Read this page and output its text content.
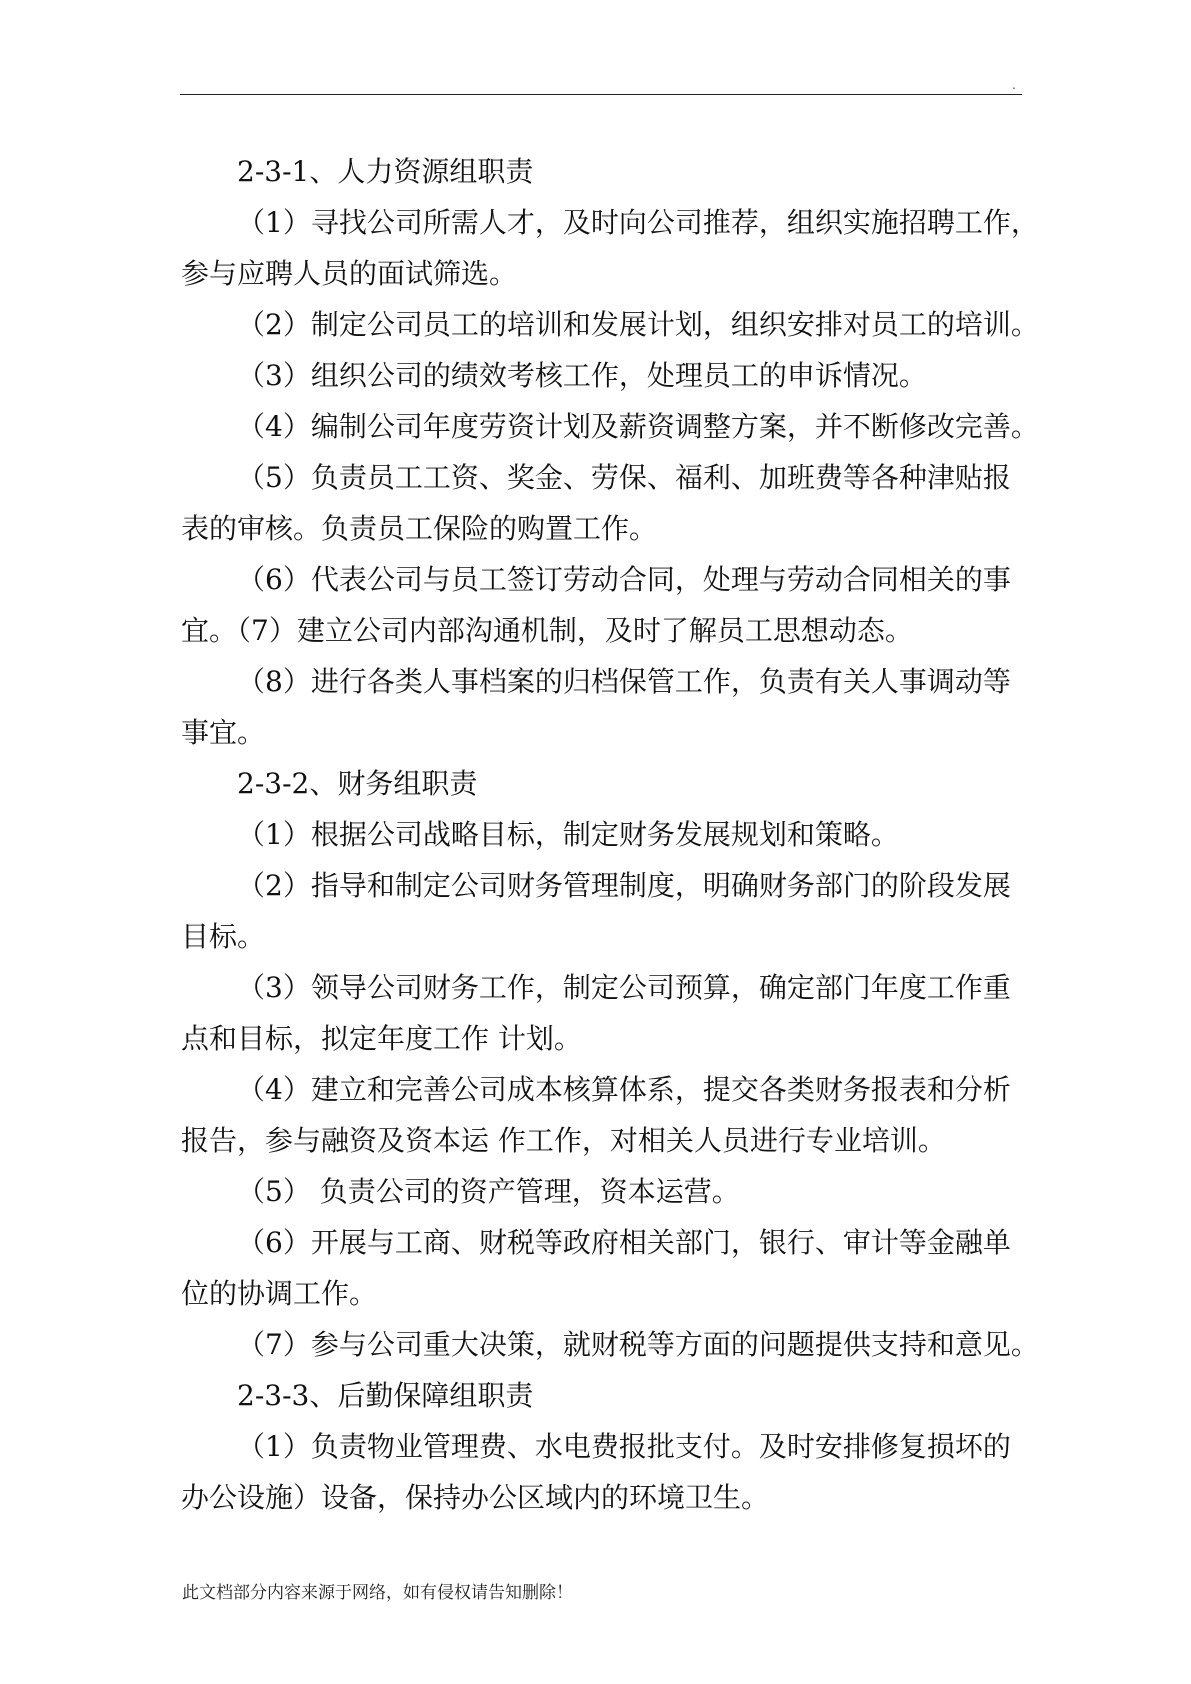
.

2-3-1、人力资源组职责

（1）寻找公司所需人才，及时向公司推荐，组织实施招聘工作，

参与应聘人员的面试筛选。

（2）制定公司员工的培训和发展计划，组织安排对员工的培训。

（3）组织公司的绩效考核工作，处理员工的申诉情况。

（4）编制公司年度劳资计划及薪资调整方案，并不断修改完善。

（5）负责员工工资、奖金、劳保、福利、加班费等各种津贴报

表的审核。负责员工保险的购置工作。

（6）代表公司与员工签订劳动合同，处理与劳动合同相关的事

宜。（7）建立公司内部沟通机制，及时了解员工思想动态。

（8）进行各类人事档案的归档保管工作，负责有关人事调动等

事宜。

2-3-2、财务组职责

（1）根据公司战略目标，制定财务发展规划和策略。

（2）指导和制定公司财务管理制度，明确财务部门的阶段发展

目标。

（3）领导公司财务工作，制定公司预算，确定部门年度工作重

点和目标，拟定年度工作 计划。

（4）建立和完善公司成本核算体系，提交各类财务报表和分析

报告，参与融资及资本运 作工作，对相关人员进行专业培训。

（5） 负责公司的资产管理，资本运营。

（6）开展与工商、财税等政府相关部门，银行、审计等金融单

位的协调工作。

（7）参与公司重大决策，就财税等方面的问题提供支持和意见。

2-3-3、后勤保障组职责

（1）负责物业管理费、水电费报批支付。及时安排修复损坏的

办公设施）设备，保持办公区域内的环境卫生。

此文档部分内容来源于网络，如有侵权请告知删除！
